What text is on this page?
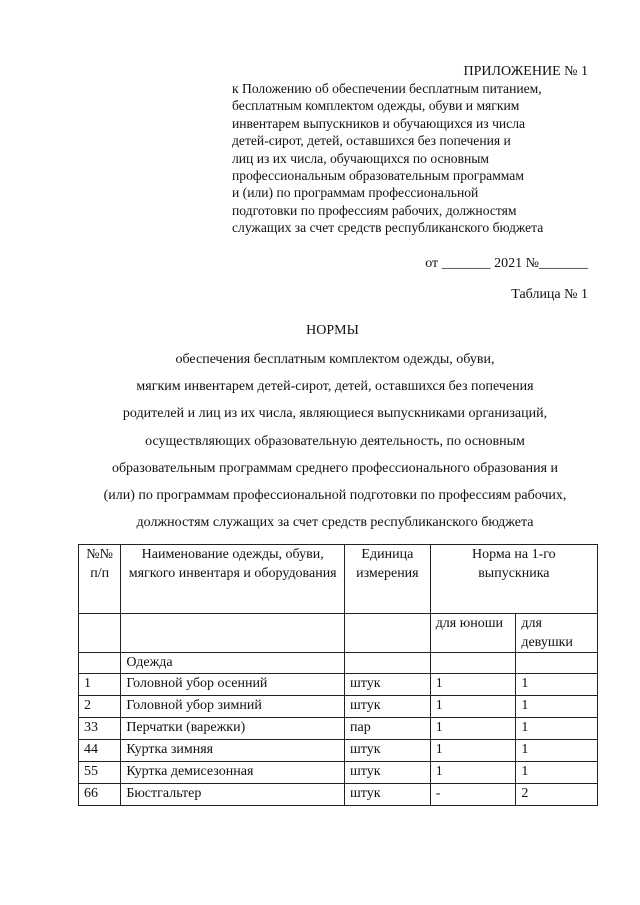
ПРИЛОЖЕНИЕ № 1
к Положению об обеспечении бесплатным питанием,
бесплатным комплектом одежды, обуви и мягким
инвентарем выпускников и обучающихся из числа
детей-сирот, детей, оставшихся без попечения и
лиц из их числа, обучающихся по основным
профессиональным образовательным программам
и (или) по программам профессиональной
подготовки по профессиям рабочих, должностям
служащих за счет средств республиканского бюджета
от _______ 2021 №_______
Таблица № 1
НОРМЫ
обеспечения бесплатным комплектом одежды, обуви,
мягким инвентарем детей-сирот, детей, оставшихся без попечения
родителей и лиц из их числа, являющиеся выпускниками организаций,
осуществляющих образовательную деятельность, по основным
образовательным программам среднего профессионального образования и
(или) по программам профессиональной подготовки по профессиям рабочих,
должностям служащих за счет средств республиканского бюджета
№№ п/п	Наименование одежды, обуви, мягкого инвентаря и оборудования	Единица измерения	Норма на 1-го выпускника	
			для юноши	для девушки
	Одежда			
1	Головной убор осенний	штук	1	1
2	Головной убор зимний	штук	1	1
33	Перчатки (варежки)	пар	1	1
44	Куртка зимняя	штук	1	1
55	Куртка демисезонная	штук	1	1
66	Бюстгальтер	штук	-	2
